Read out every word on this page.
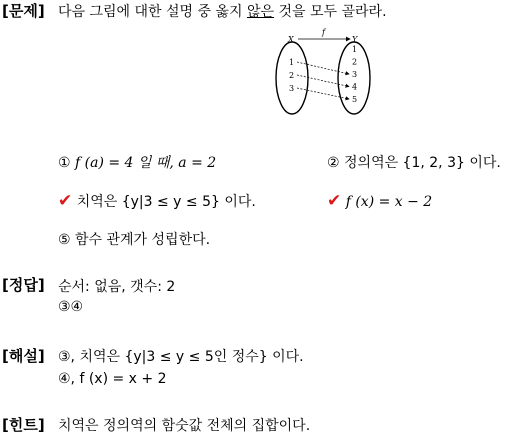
[문제] 다음 그림에 대한 설명 중 옳지 않은 것을 모두 골라라.
X	Y
f
1
2
3
1
2
3
4
5
① f (a) = 4 일 때, a = 2	② 정의역은 {1, 2, 3} 이다.
✔ 치역은 {y|3 ≤ y ≤ 5} 이다.	✔ f (x) = x − 2
⑤ 함수 관계가 성립한다.
[정답] 순서: 없음, 갯수: 2
③④
[해설] ③, 치역은 {y|3 ≤ y ≤ 5인 정수} 이다.
④, f (x) = x + 2
[힌트] 치역은 정의역의 함숫값 전체의 집합이다.
